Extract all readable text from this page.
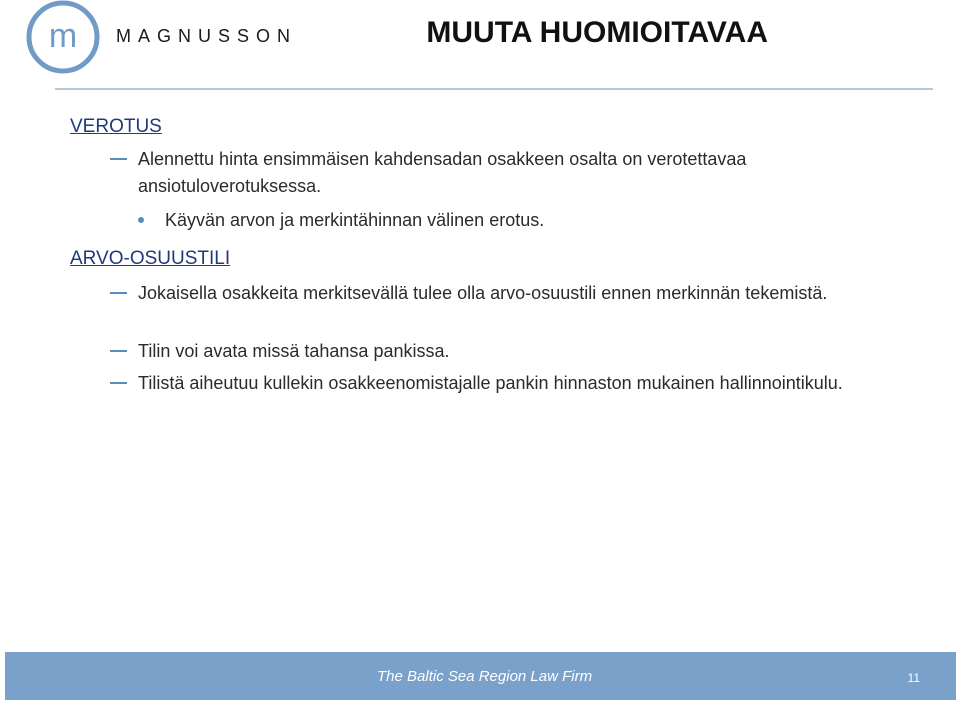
m MAGNUSSON	MUUTA HUOMIOITAVAA
VEROTUS
Alennettu hinta ensimmäisen kahdensadan osakkeen osalta on verotettavaa ansiotuloverotuksessa.
Käyvän arvon ja merkintähinnan välinen erotus.
ARVO-OSUUSTILI
Jokaisella osakkeita merkitsevällä tulee olla arvo-osuustili ennen merkinnän tekemistä.
Tilin voi avata missä tahansa pankissa.
Tilistä aiheutuu kullekin osakkeenomistajalle pankin hinnaston mukainen hallinnointikulu.
The Baltic Sea Region Law Firm	11
